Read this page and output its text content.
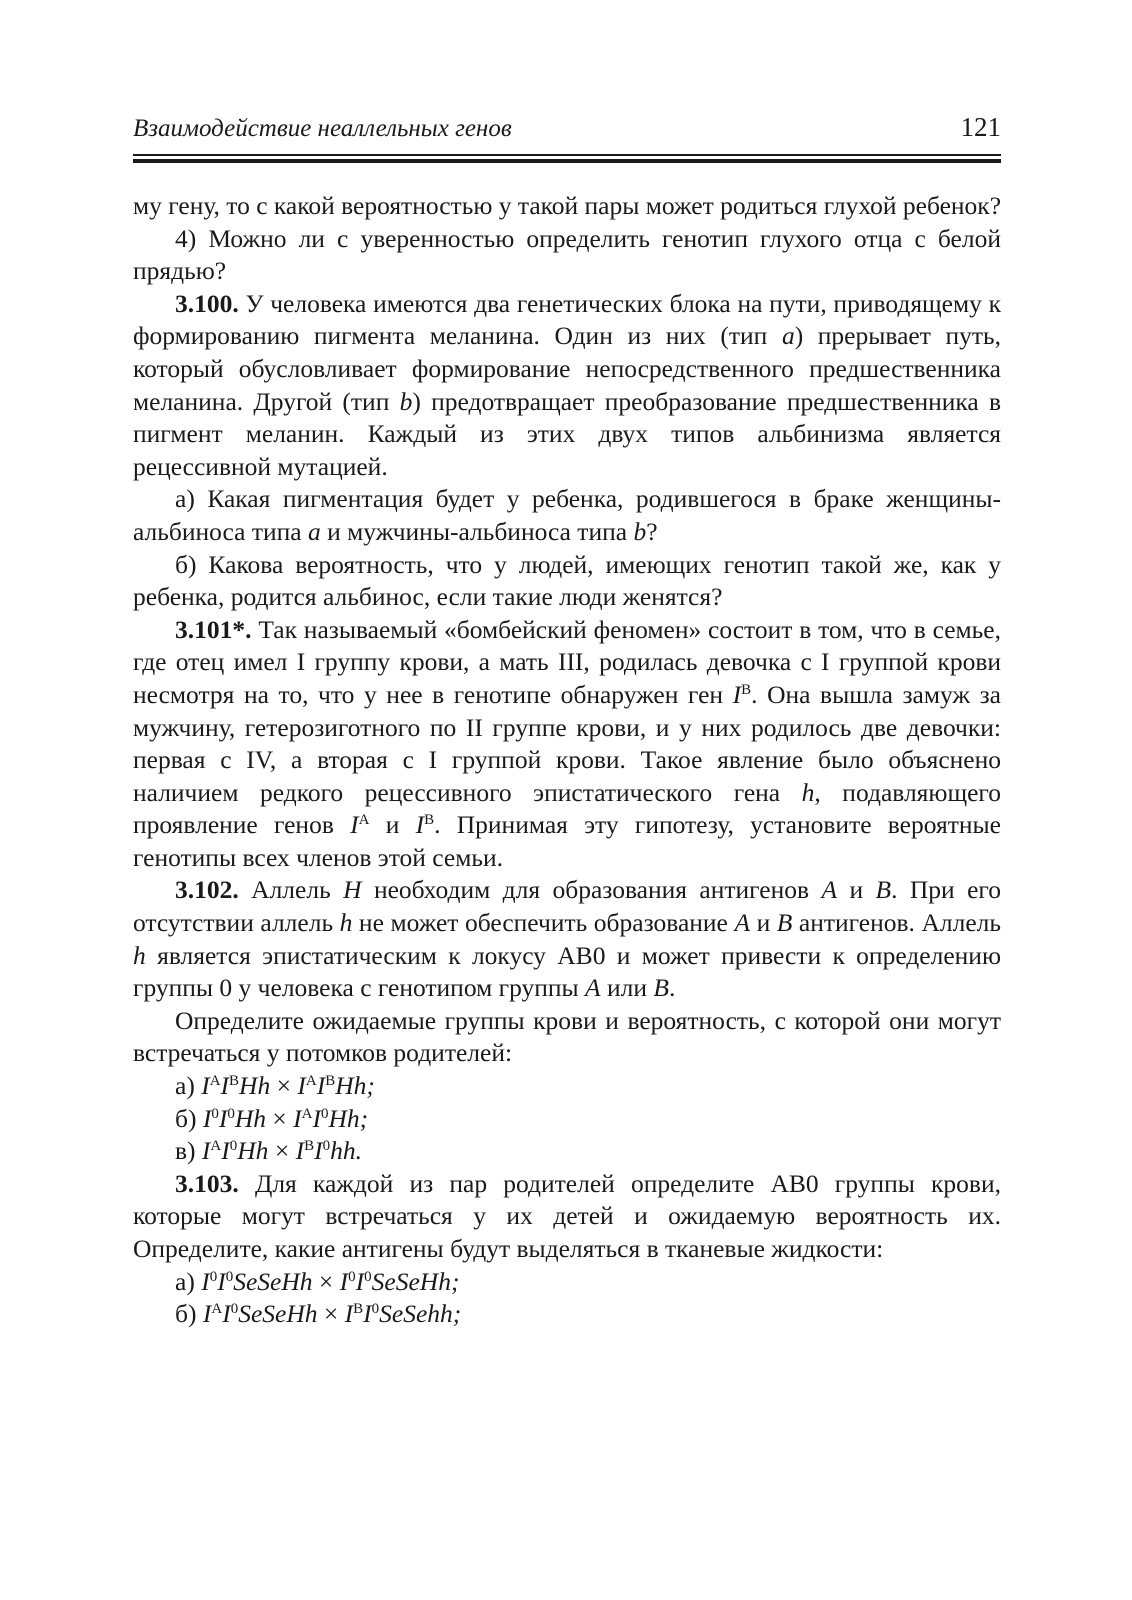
Взаимодействие неаллельных генов	121

му гену, то с какой вероятностью у такой пары может родиться глухой ребенок?

4) Можно ли с уверенностью определить генотип глухого отца с белой прядью?

3.100. У человека имеются два генетических блока на пути, приводящему к формированию пигмента меланина. Один из них (тип a) прерывает путь, который обусловливает формирование непосредственного предшественника меланина. Другой (тип b) предотвращает преобразование предшественника в пигмент меланин. Каждый из этих двух типов альбинизма является рецессивной мутацией.

а) Какая пигментация будет у ребенка, родившегося в браке женщины-альбиноса типа a и мужчины-альбиноса типа b?

б) Какова вероятность, что у людей, имеющих генотип такой же, как у ребенка, родится альбинос, если такие люди женятся?

3.101*. Так называемый «бомбейский феномен» состоит в том, что в семье, где отец имел I группу крови, а мать III, родилась девочка с I группой крови несмотря на то, что у нее в генотипе обнаружен ген $I^B$. Она вышла замуж за мужчину, гетерозиготного по II группе крови, и у них родилось две девочки: первая с IV, а вторая с I группой крови. Такое явление было объяснено наличием редкого рецессивного эпистатического гена h, подавляющего проявление генов $I^A$ и $I^B$. Принимая эту гипотезу, установите вероятные генотипы всех членов этой семьи.

3.102. Аллель H необходим для образования антигенов A и B. При его отсутствии аллель h не может обеспечить образование A и B антигенов. Аллель h является эпистатическим к локусу AB0 и может привести к определению группы 0 у человека с генотипом группы A или B.

Определите ожидаемые группы крови и вероятность, с которой они могут встречаться у потомков родителей:

а) $I^AI^BHh \times I^AI^BHh$;

б) $I^0I^0Hh \times I^AI^0Hh$;

в) $I^AI^0Hh \times I^BI^0hh$.

3.103. Для каждой из пар родителей определите AB0 группы крови, которые могут встречаться у их детей и ожидаемую вероятность их. Определите, какие антигены будут выделяться в тканевые жидкости:

а) $I^0I^0SeSeHh$ × $I^0I^0SeSeHh$;

б) $I^AI^0SeSeHh$ × $I^BI^0SeSehh$;
